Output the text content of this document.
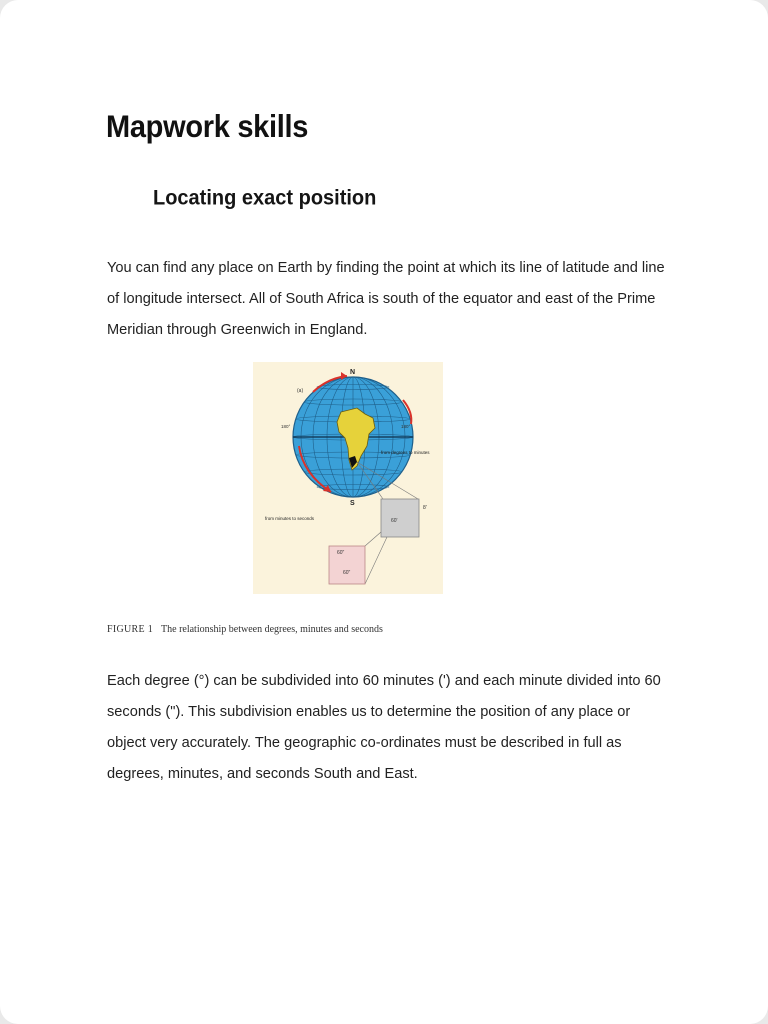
Mapwork skills
Locating exact position

You can find any place on Earth by finding the point at which its line of latitude and line of longitude intersect. All of South Africa is south of the equator and east of the Prime Meridian through Greenwich in England.

N
S
(a)
180°	180°
from degrees to minutes
60'
8'
from minutes to seconds
60"
60"

FIGURE 1 The relationship between degrees, minutes and seconds

Each degree (°) can be subdivided into 60 minutes (') and each minute divided into 60 seconds ("). This subdivision enables us to determine the position of any place or object very accurately. The geographic co-ordinates must be described in full as degrees, minutes, and seconds South and East.
